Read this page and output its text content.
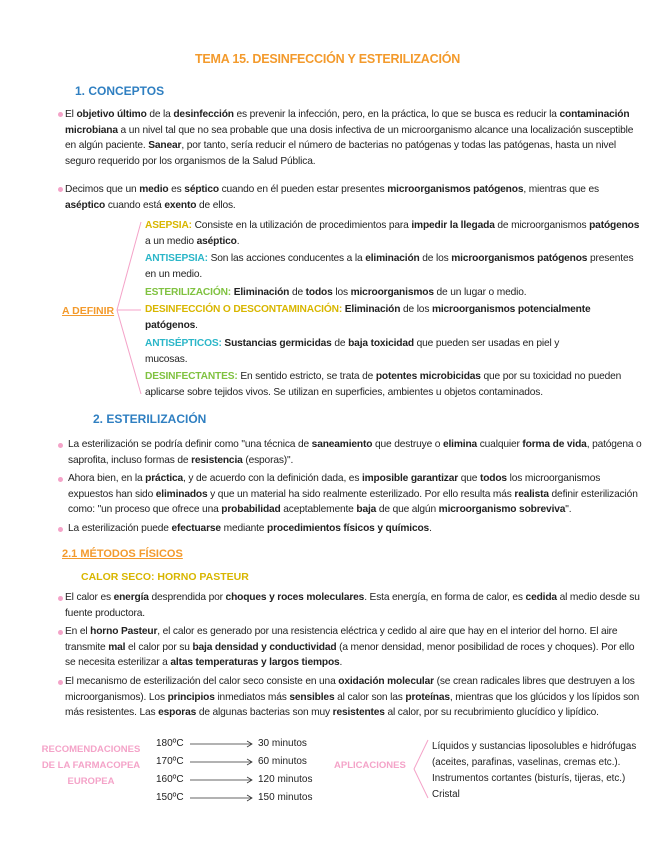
TEMA 15. DESINFECCIÓN Y ESTERILIZACIÓN
1. CONCEPTOS
El objetivo último de la desinfección es prevenir la infección, pero, en la práctica, lo que se busca es reducir la contaminación microbiana a un nivel tal que no sea probable que una dosis infectiva de un microorganismo alcance una localización susceptible en algún paciente. Sanear, por tanto, sería reducir el número de bacterias no patógenas y todas las patógenas, hasta un nivel seguro requerido por los organismos de la Salud Pública.
Decimos que un medio es séptico cuando en él pueden estar presentes microorganismos patógenos, mientras que es aséptico cuando está exento de ellos.
A DEFINIR
ASEPSIA: Consiste en la utilización de procedimientos para impedir la llegada de microorganismos patógenos a un medio aséptico.
ANTISEPSIA: Son las acciones conducentes a la eliminación de los microorganismos patógenos presentes en un medio.
ESTERILIZACIÓN: Eliminación de todos los microorganismos de un lugar o medio.
DESINFECCIÓN O DESCONTAMINACIÓN: Eliminación de los microorganismos potencialmente patógenos.
ANTISÉPTICOS: Sustancias germicidas de baja toxicidad que pueden ser usadas en piel y mucosas.
DESINFECTANTES: En sentido estricto, se trata de potentes microbicidas que por su toxicidad no pueden aplicarse sobre tejidos vivos. Se utilizan en superficies, ambientes u objetos contaminados.
2. ESTERILIZACIÓN
La esterilización se podría definir como "una técnica de saneamiento que destruye o elimina cualquier forma de vida, patógena o saprofita, incluso formas de resistencia (esporas)".
Ahora bien, en la práctica, y de acuerdo con la definición dada, es imposible garantizar que todos los microorganismos expuestos han sido eliminados y que un material ha sido realmente esterilizado. Por ello resulta más realista definir esterilización como: "un proceso que ofrece una probabilidad aceptablemente baja de que algún microorganismo sobreviva".
La esterilización puede efectuarse mediante procedimientos físicos y químicos.
2.1 MÉTODOS FÍSICOS
CALOR SECO: HORNO PASTEUR
El calor es energía desprendida por choques y roces moleculares. Esta energía, en forma de calor, es cedida al medio desde su fuente productora.
En el horno Pasteur, el calor es generado por una resistencia eléctrica y cedido al aire que hay en el interior del horno. El aire transmite mal el calor por su baja densidad y conductividad (a menor densidad, menor posibilidad de roces y choques). Por ello se necesita esterilizar a altas temperaturas y largos tiempos.
El mecanismo de esterilización del calor seco consiste en una oxidación molecular (se crean radicales libres que destruyen a los microorganismos). Los principios inmediatos más sensibles al calor son las proteínas, mientras que los glúcidos y los lípidos son más resistentes. Las esporas de algunas bacterias son muy resistentes al calor, por su recubrimiento glucídico y lipídico.
RECOMENDACIONES
DE LA FARMACOPEA
EUROPEA
180ºC	30 minutos
170ºC	60 minutos
160ºC	120 minutos
150ºC	150 minutos
APLICACIONES
Líquidos y sustancias liposolubles e hidrófugas
(aceites, parafinas, vaselinas, cremas etc.).
Instrumentos cortantes (bisturís, tijeras, etc.)
Cristal
